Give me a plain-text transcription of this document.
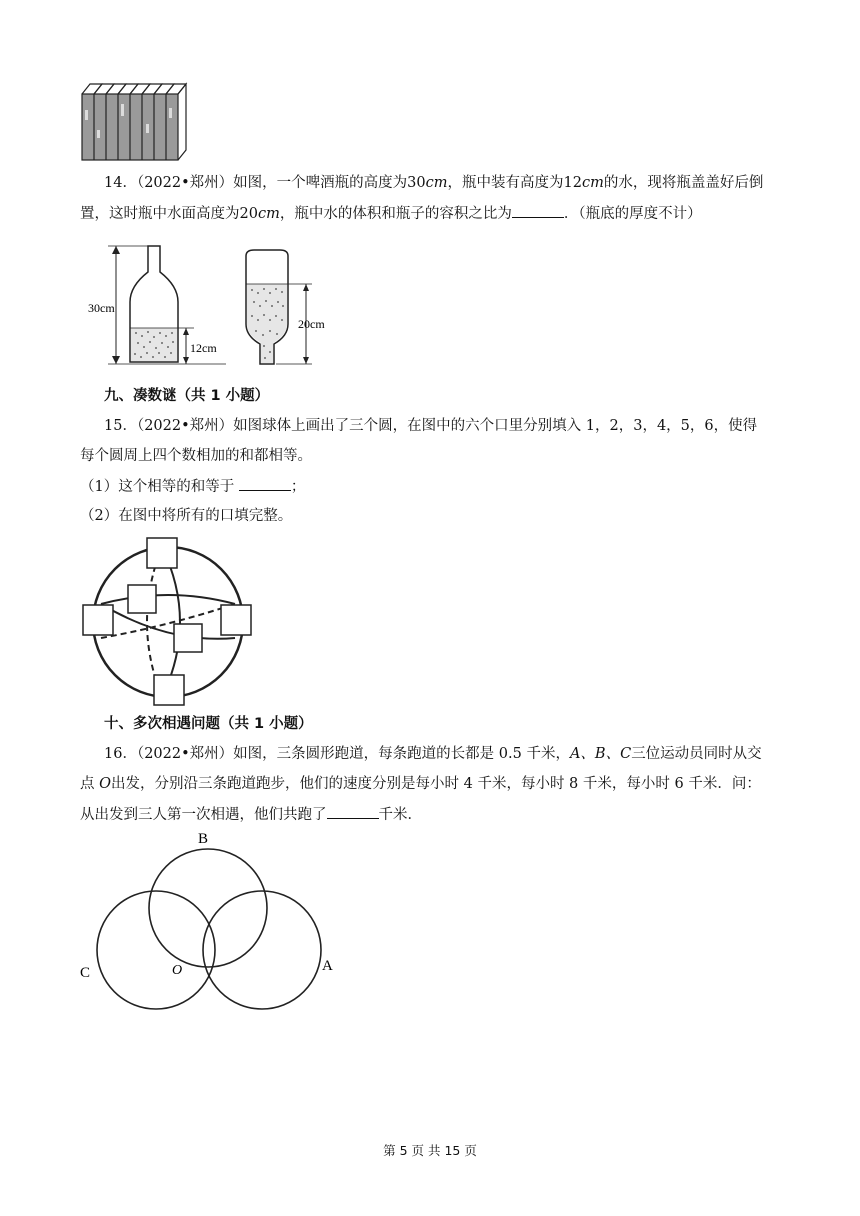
14．（2022•郑州）如图，一个啤酒瓶的高度为30cm，瓶中装有高度为12cm的水，现将瓶盖盖好后倒
置，这时瓶中水面高度为20cm，瓶中水的体积和瓶子的容积之比为	．（瓶底的厚度不计）
30cm
12cm
20cm
九、凑数谜（共 1 小题）
15．（2022•郑州）如图球体上画出了三个圆，在图中的六个口里分别填入 1，2，3，4，5，6，使得
每个圆周上四个数相加的和都相等。
（1）这个相等的和等于	；
（2）在图中将所有的口填完整。
十、多次相遇问题（共 1 小题）
16．（2022•郑州）如图，三条圆形跑道，每条跑道的长都是 0.5 千米，A、B、C三位运动员同时从交
点 O出发，分别沿三条跑道跑步，他们的速度分别是每小时 4 千米，每小时 8 千米，每小时 6 千米．问：
从出发到三人第一次相遇，他们共跑了	千米．
B
C	A
O
第 5 页 共 15 页
